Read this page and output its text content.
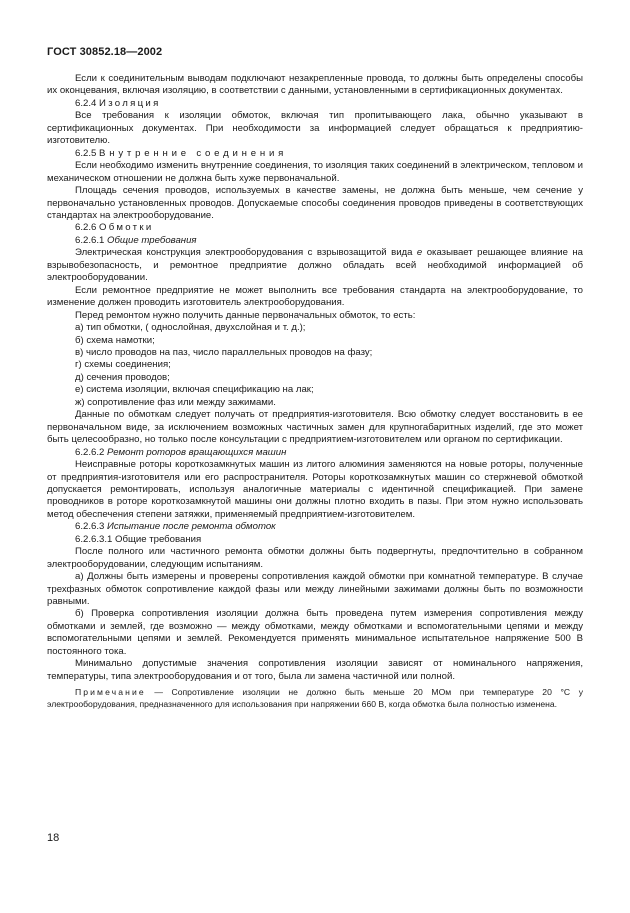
ГОСТ 30852.18—2002

Если к соединительным выводам подключают незакрепленные провода, то должны быть определены способы их оконцевания, включая изоляцию, в соответствии с данными, установленными в сертификационных документах.

6.2.4 Изоляция

Все требования к изоляции обмоток, включая тип пропитывающего лака, обычно указывают в сертификационных документах. При необходимости за информацией следует обращаться к предприятию-изготовителю.

6.2.5 Внутренние соединения

Если необходимо изменить внутренние соединения, то изоляция таких соединений в электрическом, тепловом и механическом отношении не должна быть хуже первоначальной.

Площадь сечения проводов, используемых в качестве замены, не должна быть меньше, чем сечение у первоначально установленных проводов. Допускаемые способы соединения проводов приведены в соответствующих стандартах на электрооборудование.

6.2.6 Обмотки

6.2.6.1 Общие требования

Электрическая конструкция электрооборудования с взрывозащитой вида е оказывает решающее влияние на взрывобезопасность, и ремонтное предприятие должно обладать всей необходимой информацией об электрооборудовании.

Если ремонтное предприятие не может выполнить все требования стандарта на электрооборудование, то изменение должен проводить изготовитель электрооборудования.

Перед ремонтом нужно получить данные первоначальных обмоток, то есть:

а) тип обмотки, ( однослойная, двухслойная и т. д.);

б) схема намотки;

в) число проводов на паз, число параллельных проводов на фазу;

г) схемы соединения;

д) сечения проводов;

е) система изоляции, включая спецификацию на лак;

ж) сопротивление фаз или между зажимами.

Данные по обмоткам следует получать от предприятия-изготовителя. Всю обмотку следует восстановить в ее первоначальном виде, за исключением возможных частичных замен для крупногабаритных изделий, где это может быть целесообразно, но только после консультации с предприятием-изготовителем или органом по сертификации.

6.2.6.2 Ремонт роторов вращающихся машин

Неисправные роторы короткозамкнутых машин из литого алюминия заменяются на новые роторы, полученные от предприятия-изготовителя или его распространителя. Роторы короткозамкнутых машин со стержневой обмоткой допускается ремонтировать, используя аналогичные материалы с идентичной спецификацией. При замене проводников в роторе короткозамкнутой машины они должны плотно входить в пазы. При этом нужно использовать метод обеспечения степени затяжки, применяемый предприятием-изготовителем.

6.2.6.3 Испытание после ремонта обмоток

6.2.6.3.1 Общие требования

После полного или частичного ремонта обмотки должны быть подвергнуты, предпочтительно в собранном электрооборудовании, следующим испытаниям.

а) Должны быть измерены и проверены сопротивления каждой обмотки при комнатной температуре. В случае трехфазных обмоток сопротивление каждой фазы или между линейными зажимами должны быть по возможности равными.

б) Проверка сопротивления изоляции должна быть проведена путем измерения сопротивления между обмотками и землей, где возможно — между обмотками, между обмотками и вспомогательными цепями и между вспомогательными цепями и землей. Рекомендуется применять минимальное испытательное напряжение 500 В постоянного тока.

Минимально допустимые значения сопротивления изоляции зависят от номинального напряжения, температуры, типа электрооборудования и от того, была ли замена частичной или полной.

Примечание — Сопротивление изоляции не должно быть меньше 20 МОм при температуре 20 °С у электрооборудования, предназначенного для использования при напряжении 660 В, когда обмотка была полностью изменена.

18
